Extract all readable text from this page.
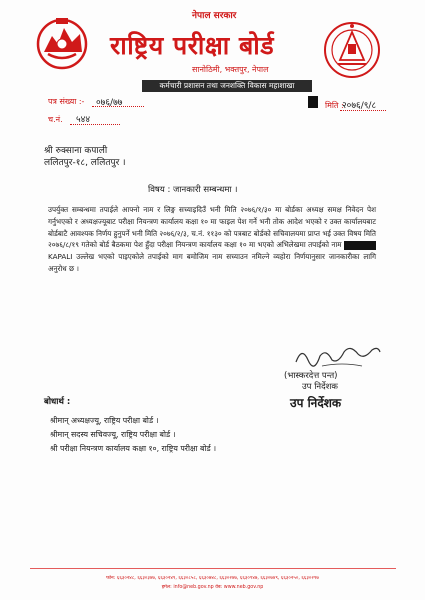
नेपाल सरकार
राष्ट्रिय परीक्षा बोर्ड
सानोठिमी, भक्तपुर, नेपाल
कर्मचारी प्रशासन तथा जनशक्ति विकास महाशाखा
पत्र संख्या :- ०७६/७७
च.नं. ५४४
मिति :
२०७६/९/८
श्री रुक्साना कपाली
ललितपुर-१८, ललितपुर ।
विषय : जानकारी सम्बन्धमा ।
उपर्युक्त सम्बन्धमा तपाईले आफ्नो नाम र लिङ्ग सच्याइदिउँ भनी मिति २०७६/१/३० मा बोर्डका अध्यक्ष समक्ष निवेदन पेश गर्नुभएको र अध्यक्षज्यूबाट परीक्षा नियन्त्रण कार्यालय कक्षा १० मा फाइल पेश गर्ने भनी तोक आदेश भएको र उक्त कार्यालयबाट बोर्डबाटै आवश्यक निर्णय हुनुपर्ने भनी मिति २०७६/२/३, च.नं. ११३० को पत्रबाट बोर्डको सचिवालयमा प्राप्त भई उक्त विषय मिति २०७६/८/१९ गतेको बोर्ड बैठकमा पेश हुँदा परीक्षा नियन्त्रण कार्यालय कक्षा १० मा भएको अभिलेखमा तपाईको नाम  KAPALI उल्लेख भएको पाइएकोले तपाईको माग बमोजिम नाम सच्याउन नमिल्ने व्यहोरा निर्णयानुसार जानकारीका लागि अनुरोध छ ।
(भास्करदेत्त पन्त)
उप निर्देशक
उप निर्देशक
बोधार्थ :
श्रीमान् अध्यक्षज्यू, राष्ट्रिय परीक्षा बोर्ड ।
श्रीमान् सदस्य सचिवज्यू, राष्ट्रिय परीक्षा बोर्ड ।
श्री परीक्षा नियन्त्रण कार्यालय कक्षा १०, राष्ट्रिय परीक्षा बोर्ड ।
फोन: ६६३०२४८, ६६३०३४७, ६६३०२४९, ६६३०८५८, ६६३०७४८, ६६३०२४७, ६६३०९४७, ६६३०७४९, ६६३०२५०, ६६३०२९७
इमेल: info@neb.gov.np वेब: www.neb.gov.np
